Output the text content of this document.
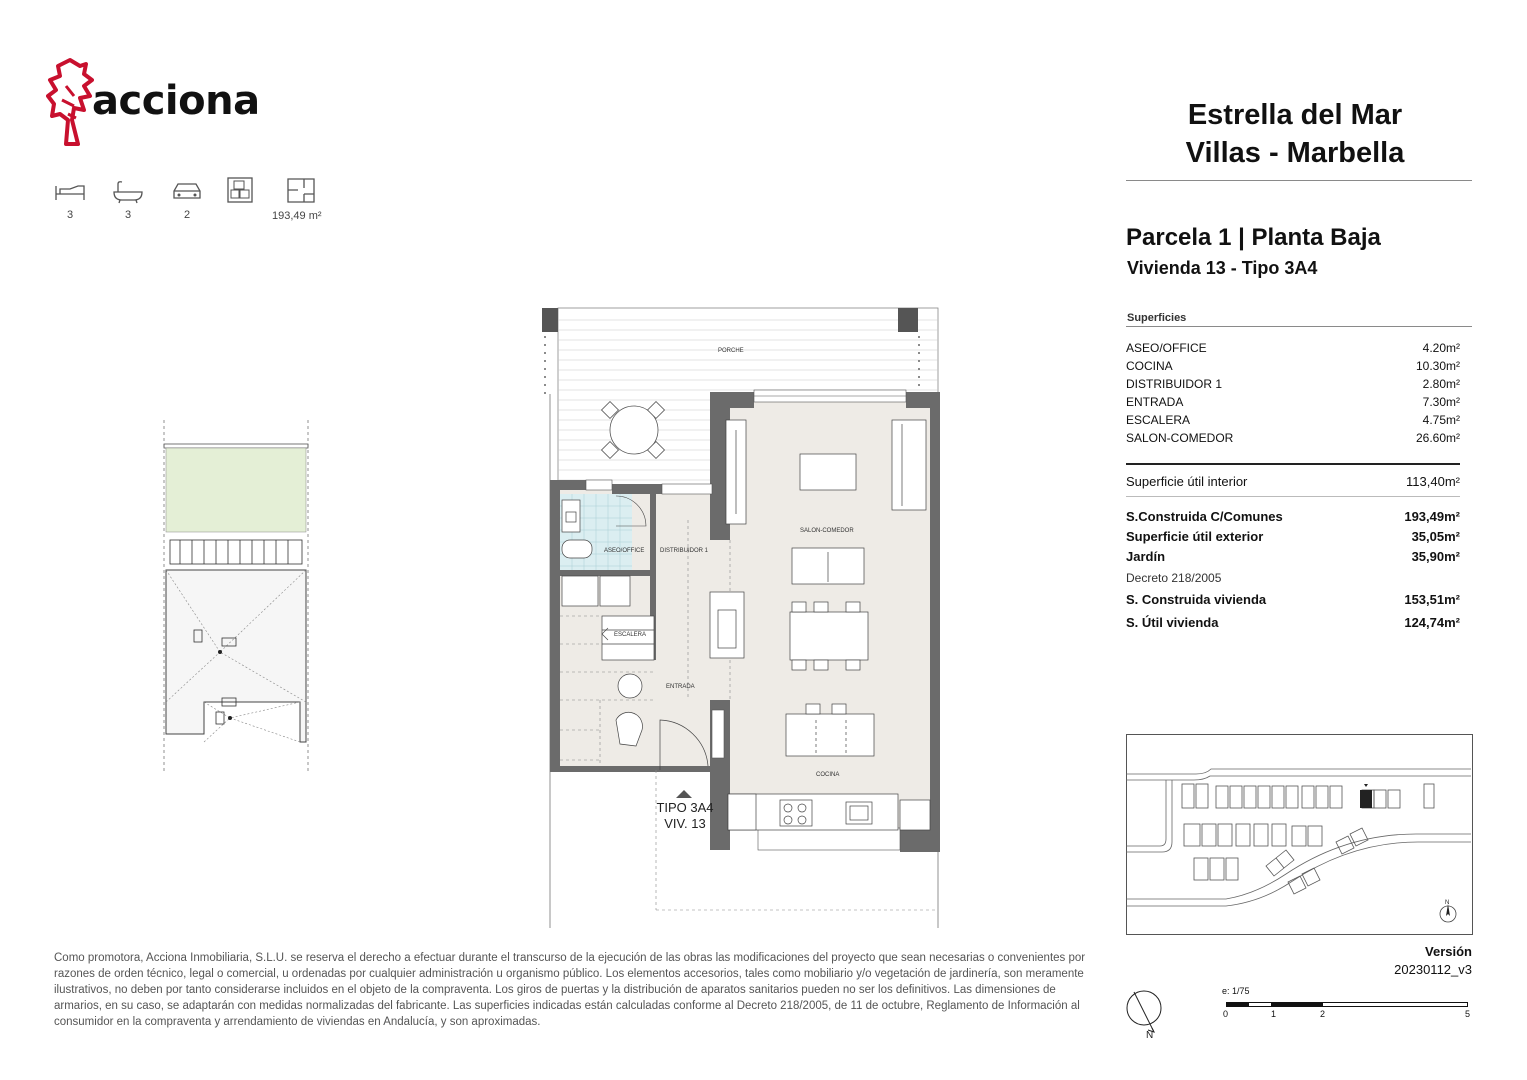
acciona
3	3	2	193,49 m²
Estrella del Mar
Villas - Marbella
Parcela 1 | Planta Baja
Vivienda 13 - Tipo 3A4
Superficies
ASEO/OFFICE	4.20m²
COCINA	10.30m²
DISTRIBUIDOR 1	2.80m²
ENTRADA	7.30m²
ESCALERA	4.75m²
SALON-COMEDOR	26.60m²
Superficie útil interior	113,40m²
S.Construida C/Comunes	193,49m²
Superficie útil exterior	35,05m²
Jardín	35,90m²
Decreto 218/2005
S. Construida vivienda	153,51m²
S. Útil vivienda	124,74m²
N
Versión
20230112_v3
N
e: 1/75
0	1	2	5
Como promotora, Acciona Inmobiliaria, S.L.U. se reserva el derecho a efectuar durante el transcurso de la ejecución de las obras las modificaciones del proyecto que sean necesarias o convenientes por razones de orden técnico, legal o comercial, u ordenadas por cualquier administración u organismo público. Los elementos accesorios, tales como mobiliario y/o vegetación de jardinería, son meramente ilustrativos, no deben por tanto considerarse incluidos en el objeto de la compraventa. Los giros de puertas y la distribución de aparatos sanitarios pueden no ser los definitivos. Las dimensiones de armarios, en su caso, se adaptarán con medidas normalizadas del fabricante. Las superficies indicadas están calculadas conforme al Decreto 218/2005, de 11 de octubre, Reglamento de Información al consumidor en la compraventa y arrendamiento de viviendas en Andalucía, y son aproximadas.
PORCHE
SALON-COMEDOR
ASEO/OFFICE	DISTRIBUIDOR 1
ESCALERA
ENTRADA
COCINA
TIPO 3A4
VIV. 13
